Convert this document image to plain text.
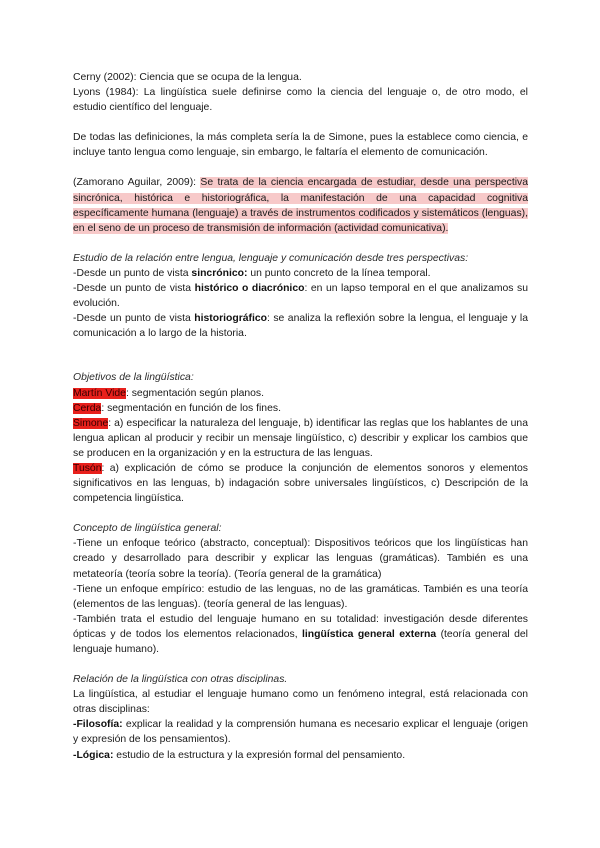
Cerny (2002): Ciencia que se ocupa de la lengua.

Lyons (1984): La lingüística suele definirse como la ciencia del lenguaje o, de otro modo, el estudio científico del lenguaje.

De todas las definiciones, la más completa sería la de Simone, pues la establece como ciencia, e incluye tanto lengua como lenguaje, sin embargo, le faltaría el elemento de comunicación.

(Zamorano Aguilar, 2009): Se trata de la ciencia encargada de estudiar, desde una perspectiva sincrónica, histórica e historiográfica, la manifestación de una capacidad cognitiva específicamente humana (lenguaje) a través de instrumentos codificados y sistemáticos (lenguas), en el seno de un proceso de transmisión de información (actividad comunicativa).

Estudio de la relación entre lengua, lenguaje y comunicación desde tres perspectivas:

-Desde un punto de vista sincrónico: un punto concreto de la línea temporal.

-Desde un punto de vista histórico o diacrónico: en un lapso temporal en el que analizamos su evolución.

-Desde un punto de vista historiográfico: se analiza la reflexión sobre la lengua, el lenguaje y la comunicación a lo largo de la historia.

Objetivos de la lingüística:

Martín Vide: segmentación según planos.

Cerda: segmentación en función de los fines.

Simone: a) especificar la naturaleza del lenguaje, b) identificar las reglas que los hablantes de una lengua aplican al producir y recibir un mensaje lingüístico, c) describir y explicar los cambios que se producen en la organización y en la estructura de las lenguas.

Tusón: a) explicación de cómo se produce la conjunción de elementos sonoros y elementos significativos en las lenguas, b) indagación sobre universales lingüísticos, c) Descripción de la competencia lingüística.

Concepto de lingüística general:

-Tiene un enfoque teórico (abstracto, conceptual): Dispositivos teóricos que los lingüísticas han creado y desarrollado para describir y explicar las lenguas (gramáticas). También es una metateoría (teoría sobre la teoría). (Teoría general de la gramática)

-Tiene un enfoque empírico: estudio de las lenguas, no de las gramáticas. También es una teoría (elementos de las lenguas). (teoría general de las lenguas).

-También trata el estudio del lenguaje humano en su totalidad: investigación desde diferentes ópticas y de todos los elementos relacionados, lingüística general externa (teoría general del lenguaje humano).

Relación de la lingüística con otras disciplinas.

La lingüística, al estudiar el lenguaje humano como un fenómeno integral, está relacionada con otras disciplinas:

-Filosofía: explicar la realidad y la comprensión humana es necesario explicar el lenguaje (origen y expresión de los pensamientos).

-Lógica: estudio de la estructura y la expresión formal del pensamiento.
